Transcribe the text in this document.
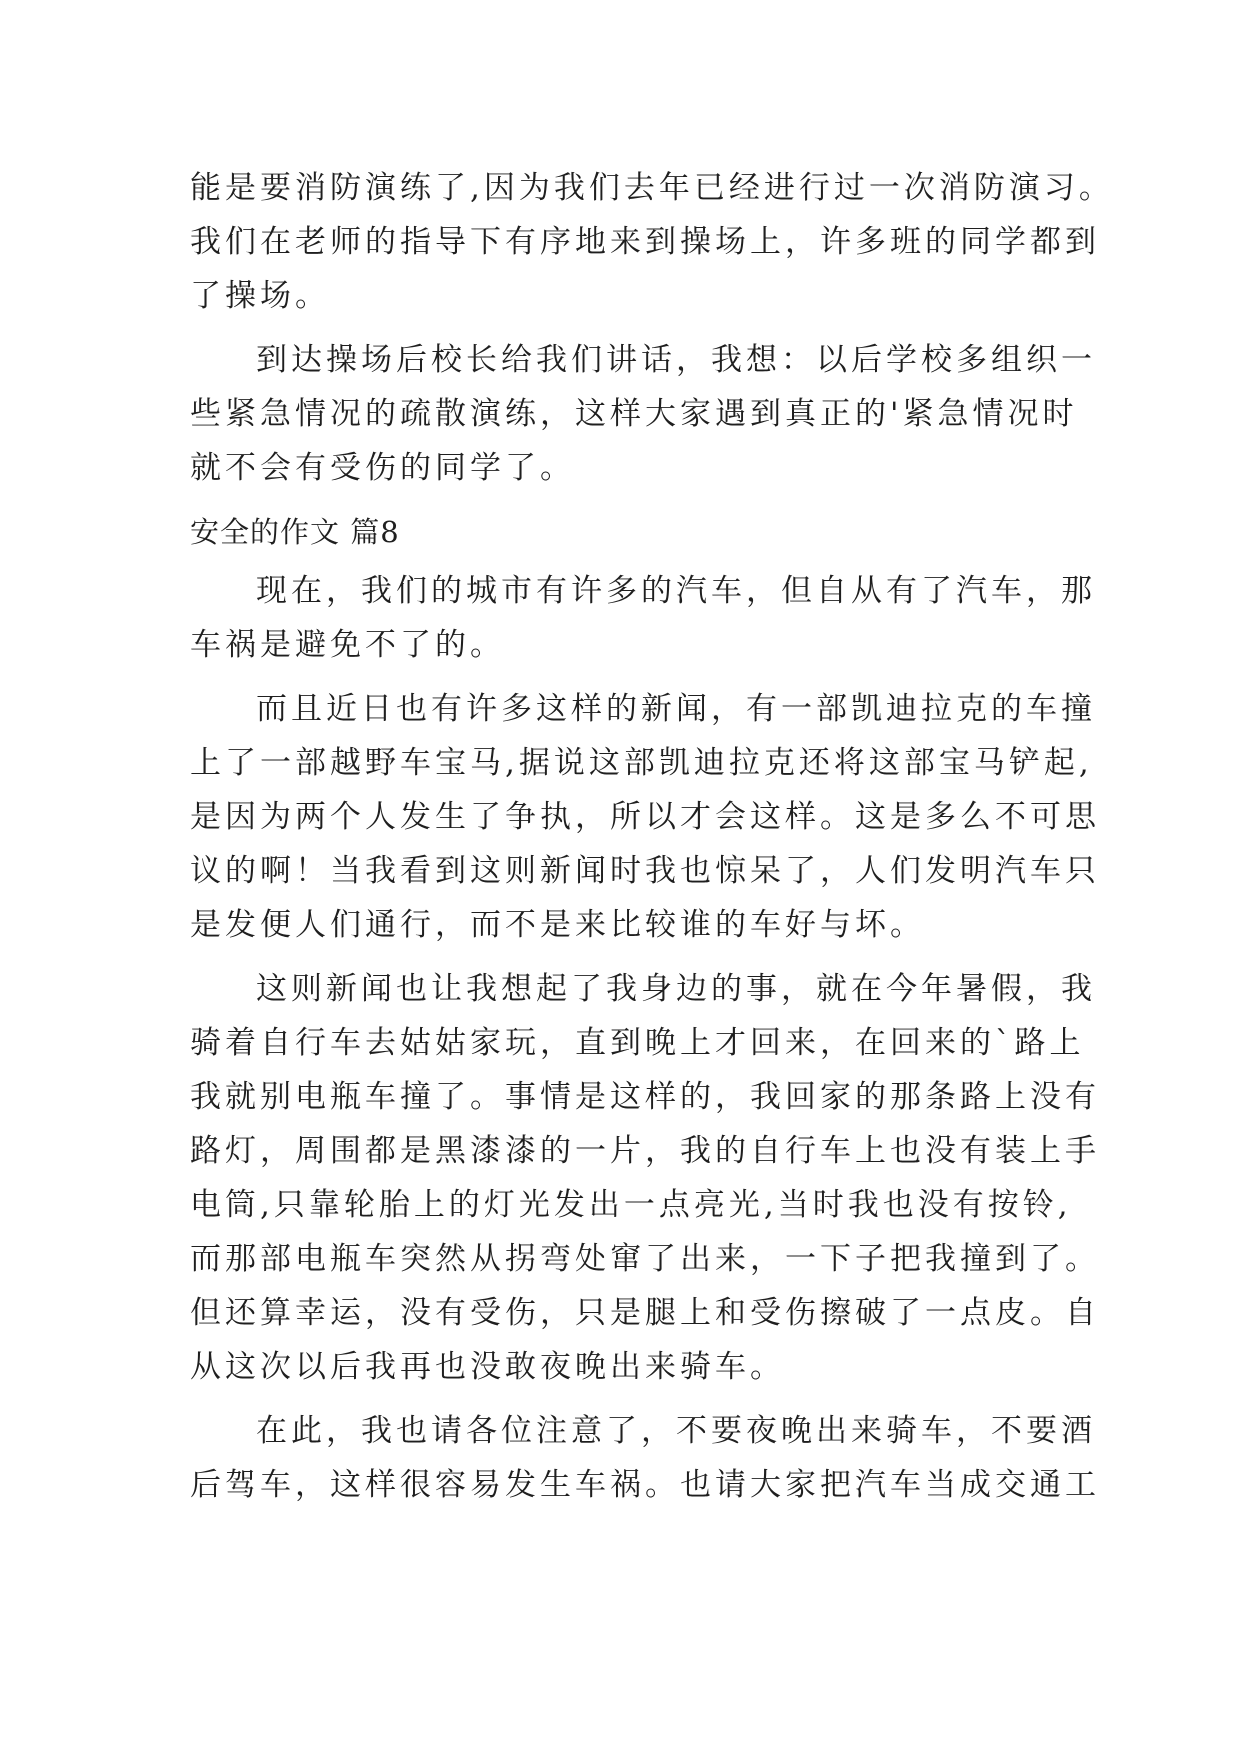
能是要消防演练了,因为我们去年已经进行过一次消防演习。
我们在老师的指导下有序地来到操场上，许多班的同学都到
了操场。
到达操场后校长给我们讲话，我想：以后学校多组织一
些紧急情况的疏散演练，这样大家遇到真正的'紧急情况时
就不会有受伤的同学了。
安全的作文 篇8
现在，我们的城市有许多的汽车，但自从有了汽车，那
车祸是避免不了的。
而且近日也有许多这样的新闻，有一部凯迪拉克的车撞
上了一部越野车宝马,据说这部凯迪拉克还将这部宝马铲起,
是因为两个人发生了争执，所以才会这样。这是多么不可思
议的啊！当我看到这则新闻时我也惊呆了，人们发明汽车只
是发便人们通行，而不是来比较谁的车好与坏。
这则新闻也让我想起了我身边的事，就在今年暑假，我
骑着自行车去姑姑家玩，直到晚上才回来，在回来的`路上
我就别电瓶车撞了。事情是这样的，我回家的那条路上没有
路灯，周围都是黑漆漆的一片，我的自行车上也没有装上手
电筒,只靠轮胎上的灯光发出一点亮光,当时我也没有按铃,
而那部电瓶车突然从拐弯处窜了出来，一下子把我撞到了。
但还算幸运，没有受伤，只是腿上和受伤擦破了一点皮。自
从这次以后我再也没敢夜晚出来骑车。
在此，我也请各位注意了，不要夜晚出来骑车，不要酒
后驾车，这样很容易发生车祸。也请大家把汽车当成交通工
